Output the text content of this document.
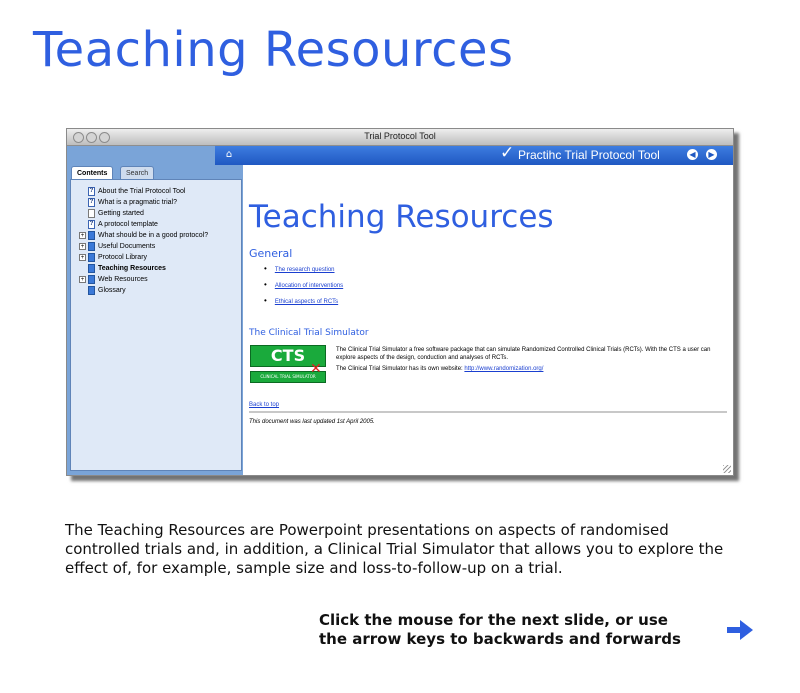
Teaching Resources
Trial Protocol Tool
Contents	Search
? About the Trial Protocol Tool
? What is a pragmatic trial?
Getting started
? A protocol template
+ What should be in a good protocol?
+ Useful Documents
+ Protocol Library
Teaching Resources
+ Web Resources
Glossary
⌂	✓ Practihc Trial Protocol Tool	◀	▶
Teaching Resources
General
• The research question
• Allocation of interventions
• Ethical aspects of RCTs
The Clinical Trial Simulator
CTS
CLINICAL TRIAL SIMULATOR
✕
The Clinical Trial Simulator a free software package that can simulate Randomized Controlled Clinical Trials (RCTs). With the CTS a user can explore aspects of the design, conduction and analyses of RCTs.
The Clinical Trial Simulator has its own website: http://www.randomization.org/
Back to top
This document was last updated 1st April 2005.
The Teaching Resources are Powerpoint presentations on aspects of randomised controlled trials and, in addition, a Clinical Trial Simulator that allows you to explore the effect of, for example, sample size and loss-to-follow-up on a trial.
Click the mouse for the next slide, or use
the arrow keys to backwards and forwards
